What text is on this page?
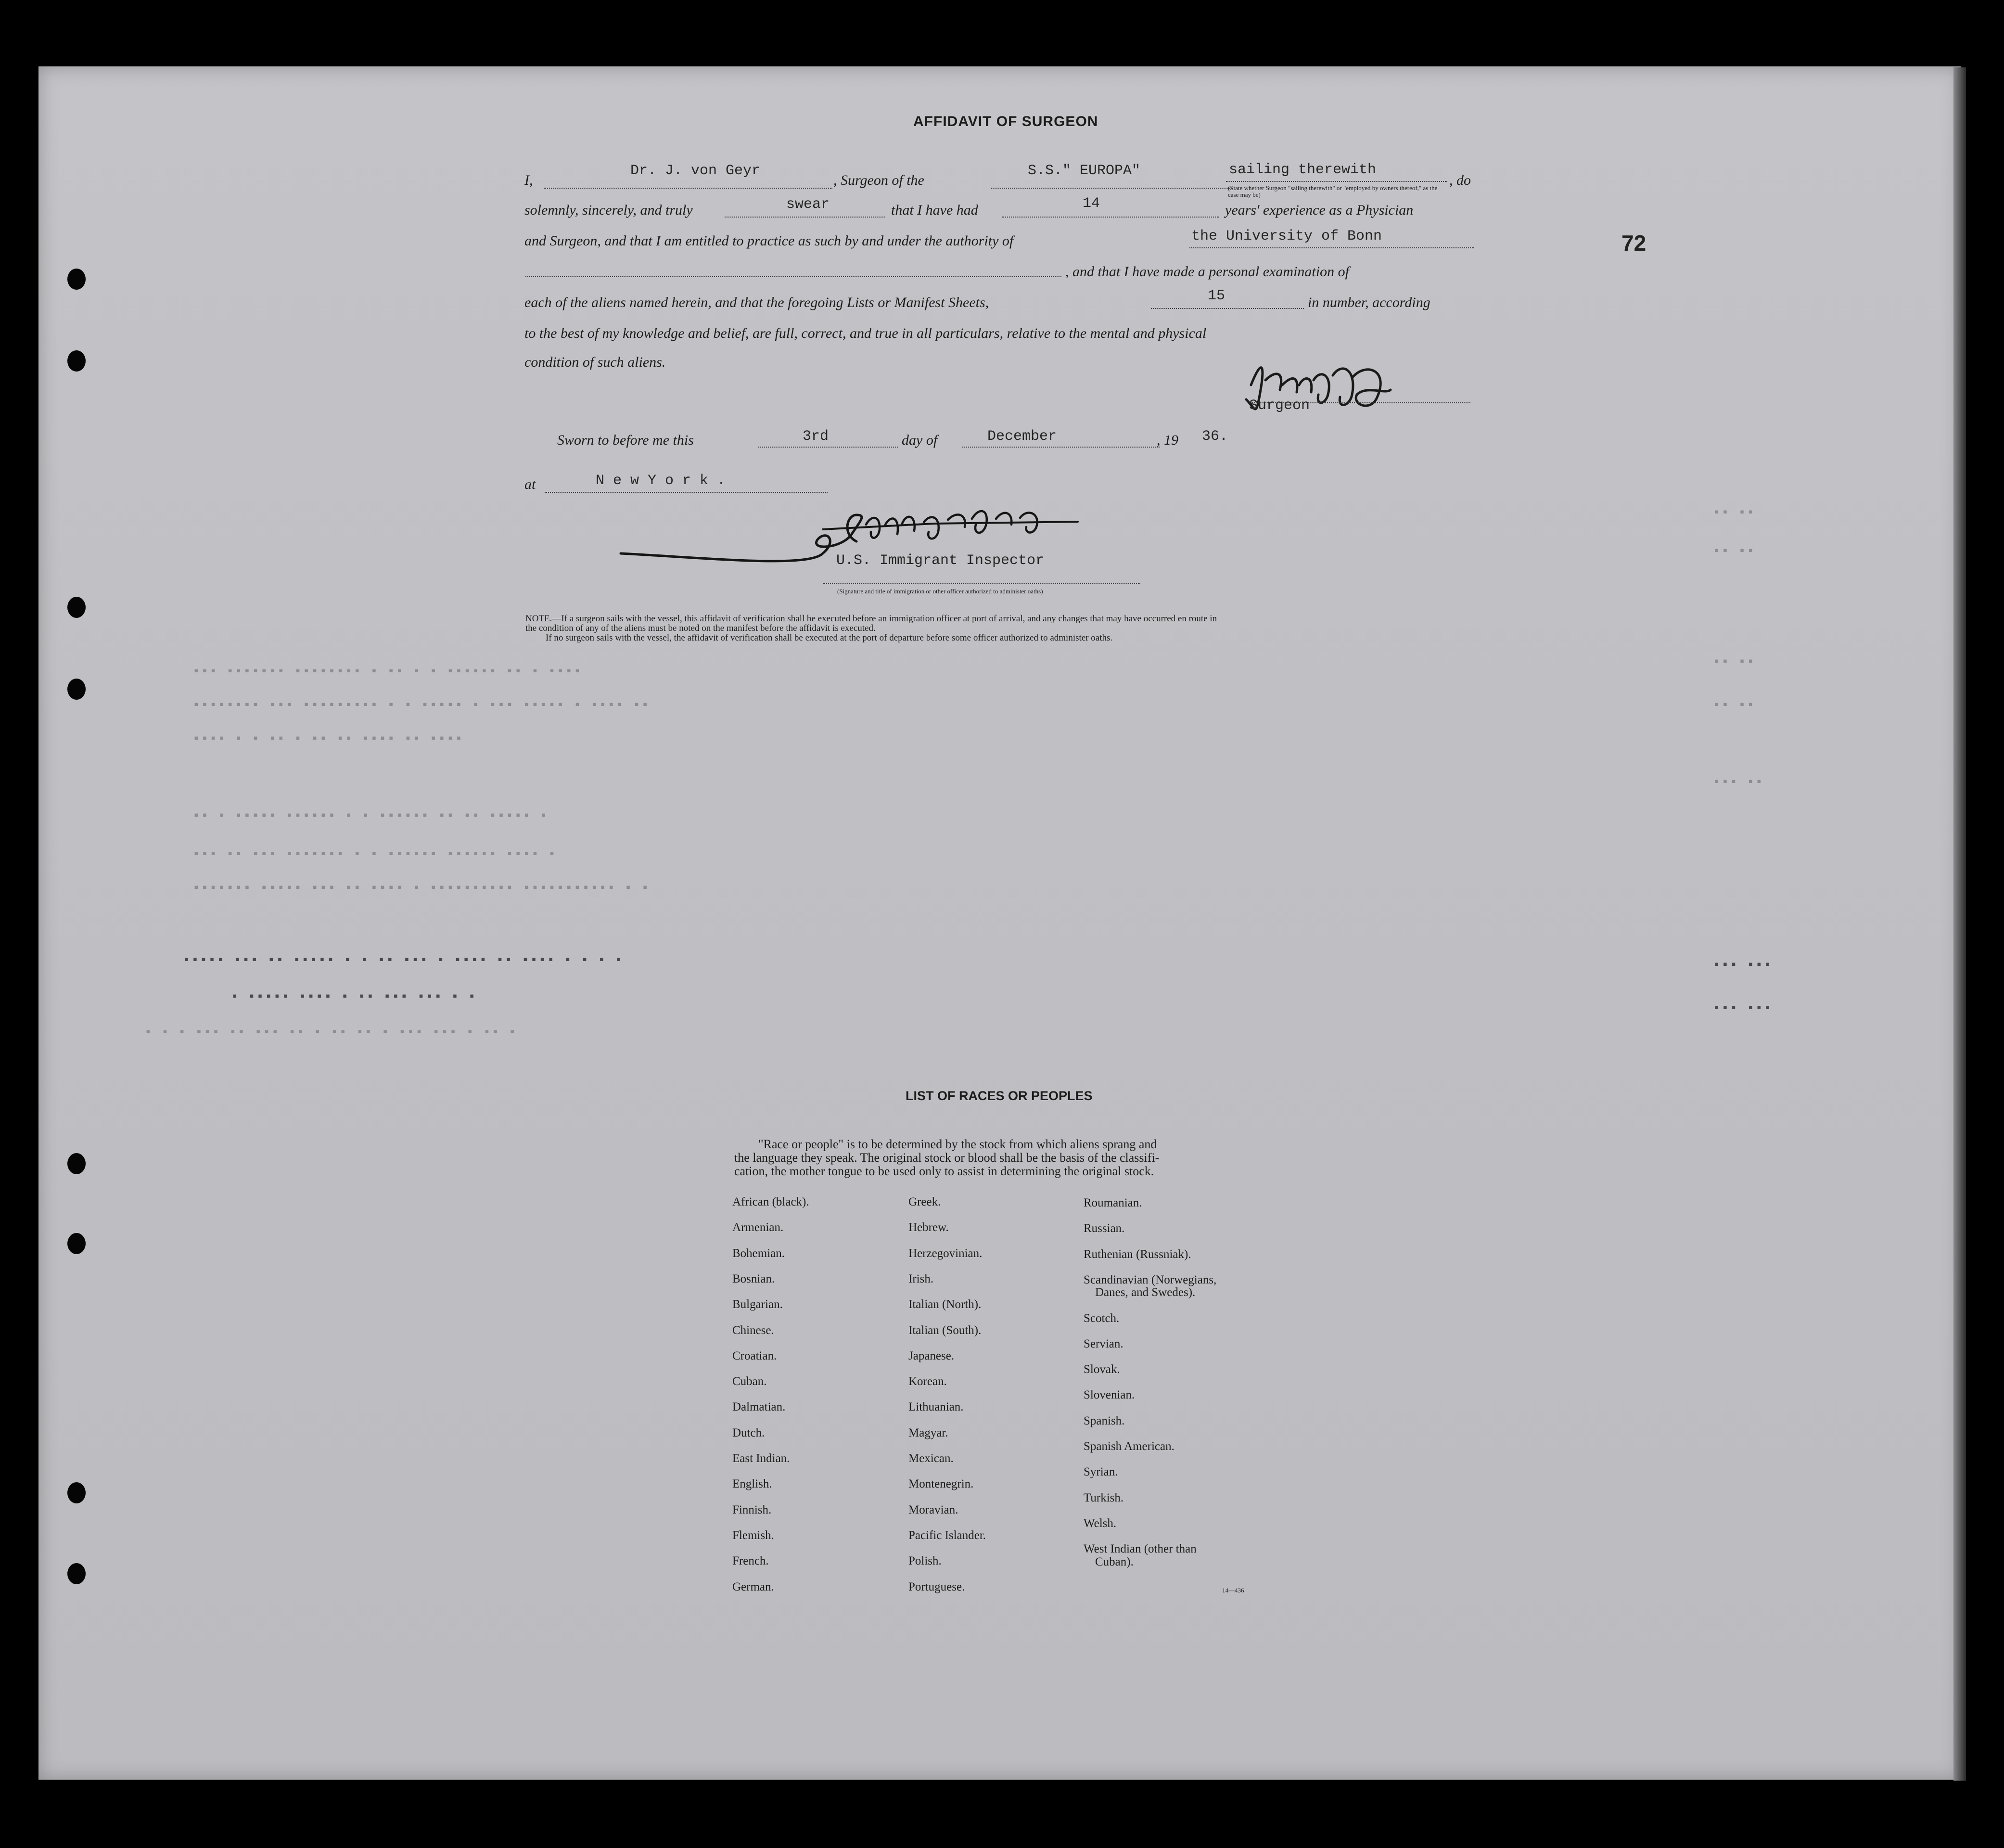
72
AFFIDAVIT OF SURGEON
I,
Dr. J. von Geyr
, Surgeon of the
S.S." EUROPA"	sailing therewith
, do
(State whether Surgeon "sailing therewith" or "employed by owners thereof," as the case may be)
solemnly, sincerely, and truly	swear	that I have had	14	years' experience as a Physician
and Surgeon, and that I am entitled to practice as such by and under the authority of	the University of Bonn
, and that I have made a personal examination of
each of the aliens named herein, and that the foregoing Lists or Manifest Sheets,	15	in number, according
to the best of my knowledge and belief, are full, correct, and true in all particulars, relative to the mental and physical
condition of such aliens.
Surgeon
Sworn to before me this	3rd	day of	December	, 19 36.
at	N e w Y o r k .
U.S. Immigrant Inspector
(Signature and title of immigration or other officer authorized to administer oaths)
NOTE.—If a surgeon sails with the vessel, this affidavit of verification shall be executed before an immigration officer at port of arrival, and any changes that may have occurred en route in
the condition of any of the aliens must be noted on the manifest before the affidavit is executed.
If no surgeon sails with the vessel, the affidavit of verification shall be executed at the port of departure before some officer authorized to administer oaths.
▪▪▪ ▪▪▪▪▪▪▪ ▪▪▪▪▪▪▪▪ ▪ ▪▪ ▪ ▪ ▪▪▪▪▪▪ ▪▪ ▪ ▪▪▪▪
▪▪▪▪▪▪▪▪ ▪▪▪ ▪▪▪▪▪▪▪▪▪ ▪ ▪ ▪▪▪▪▪ ▪ ▪▪▪ ▪▪▪▪▪ ▪ ▪▪▪▪ ▪▪
▪▪▪▪ ▪ ▪ ▪▪ ▪ ▪▪ ▪▪ ▪▪▪▪ ▪▪ ▪▪▪▪
▪▪ ▪ ▪▪▪▪▪ ▪▪▪▪▪▪ ▪ ▪ ▪▪▪▪▪▪ ▪▪ ▪▪ ▪▪▪▪▪ ▪
▪▪▪ ▪▪ ▪▪▪ ▪▪▪▪▪▪▪ ▪ ▪ ▪▪▪▪▪▪ ▪▪▪▪▪▪ ▪▪▪▪ ▪
▪▪▪▪▪▪▪ ▪▪▪▪▪ ▪▪▪ ▪▪ ▪▪▪▪ ▪ ▪▪▪▪▪▪▪▪▪▪ ▪▪▪▪▪▪▪▪▪▪▪ ▪ ▪
▪▪▪▪▪ ▪▪▪ ▪▪ ▪▪▪▪▪ ▪ ▪ ▪▪ ▪▪▪ ▪ ▪▪▪▪ ▪▪ ▪▪▪▪ ▪ ▪ ▪ ▪
▪ ▪▪▪▪▪ ▪▪▪▪ ▪ ▪▪ ▪▪▪ ▪▪▪ ▪ ▪
▪ ▪ ▪ ▪▪▪ ▪▪ ▪▪▪ ▪▪ ▪ ▪▪ ▪▪ ▪ ▪▪▪ ▪▪▪ ▪ ▪▪ ▪
▪▪ ▪▪
▪▪ ▪▪
▪▪ ▪▪
▪▪ ▪▪
▪▪▪ ▪▪
▪▪▪ ▪▪▪
▪▪▪ ▪▪▪
LIST OF RACES OR PEOPLES
"Race or people" is to be determined by the stock from which aliens sprang and
the language they speak. The original stock or blood shall be the basis of the classifi-
cation, the mother tongue to be used only to assist in determining the original stock.
African (black).
Armenian.
Bohemian.
Bosnian.
Bulgarian.
Chinese.
Croatian.
Cuban.
Dalmatian.
Dutch.
East Indian.
English.
Finnish.
Flemish.
French.
German.
Greek.
Hebrew.
Herzegovinian.
Irish.
Italian (North).
Italian (South).
Japanese.
Korean.
Lithuanian.
Magyar.
Mexican.
Montenegrin.
Moravian.
Pacific Islander.
Polish.
Portuguese.
Roumanian.
Russian.
Ruthenian (Russniak).
Scandinavian (Norwegians,
Danes, and Swedes).
Scotch.
Servian.
Slovak.
Slovenian.
Spanish.
Spanish American.
Syrian.
Turkish.
Welsh.
West Indian (other than
Cuban).
14—436
